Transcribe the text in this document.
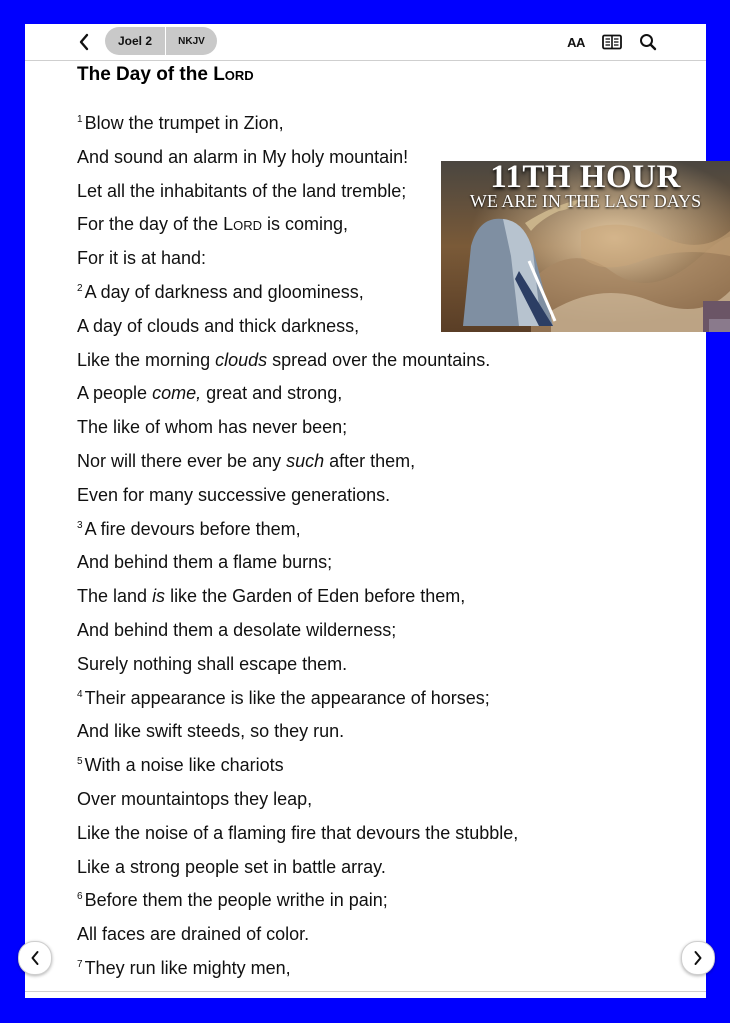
Joel 2	NKJV	AA
The Day of the Lord
$^1$ Blow the trumpet in Zion,
And sound an alarm in My holy mountain!
Let all the inhabitants of the land tremble;
For the day of the Lord is coming,
For it is at hand:
$^2$ A day of darkness and gloominess,
A day of clouds and thick darkness,
Like the morning clouds spread over the mountains.
A people come, great and strong,
The like of whom has never been;
Nor will there ever be any such after them,
Even for many successive generations.
$^3$ A fire devours before them,
And behind them a flame burns;
The land is like the Garden of Eden before them,
And behind them a desolate wilderness;
Surely nothing shall escape them.
$^4$ Their appearance is like the appearance of horses;
And like swift steeds, so they run.
$^5$ With a noise like chariots
Over mountaintops they leap,
Like the noise of a flaming fire that devours the stubble,
Like a strong people set in battle array.
$^6$ Before them the people writhe in pain;
All faces are drained of color.
$^7$ They run like mighty men,
11TH HOUR
WE ARE IN THE LAST DAYS
